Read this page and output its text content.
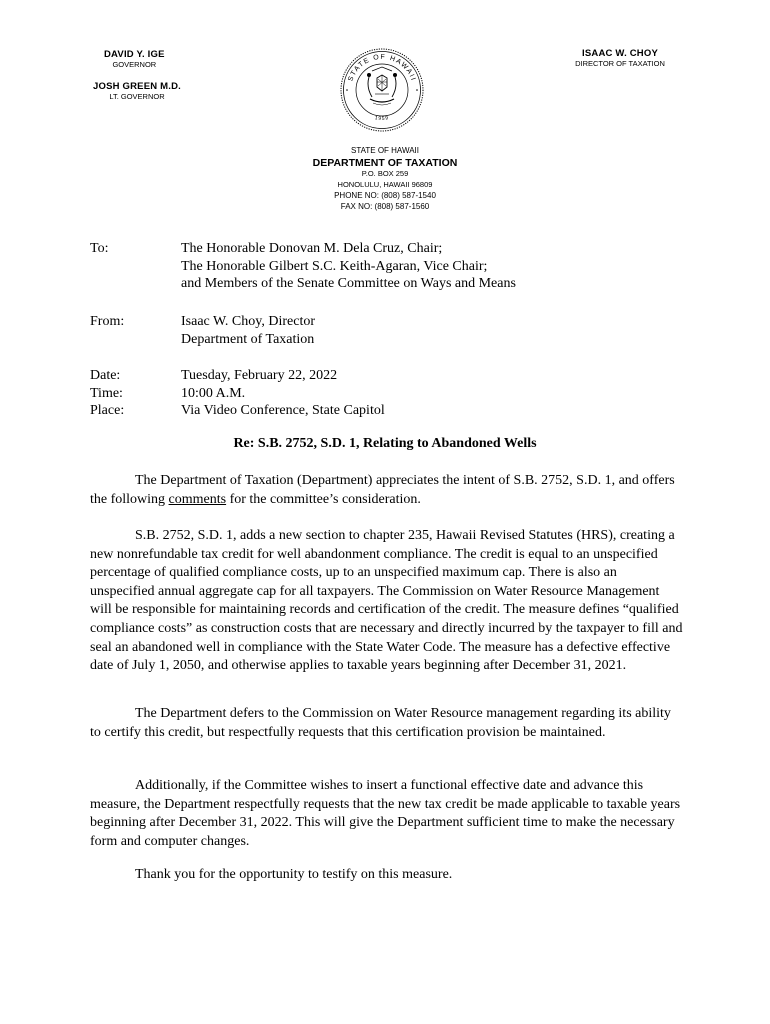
DAVID Y. IGE
GOVERNOR
JOSH GREEN M.D.
LT. GOVERNOR
ISAAC W. CHOY
DIRECTOR OF TAXATION
STATE OF HAWAII
1959
STATE OF HAWAII
DEPARTMENT OF TAXATION
P.O. BOX 259
HONOLULU, HAWAII 96809
PHONE NO: (808) 587-1540
FAX NO: (808) 587-1560
To:	The Honorable Donovan M. Dela Cruz, Chair;
The Honorable Gilbert S.C. Keith-Agaran, Vice Chair;
and Members of the Senate Committee on Ways and Means
From:	Isaac W. Choy, Director
Department of Taxation
Date:	Tuesday, February 22, 2022
Time:	10:00 A.M.
Place:	Via Video Conference, State Capitol
Re: S.B. 2752, S.D. 1, Relating to Abandoned Wells
The Department of Taxation (Department) appreciates the intent of S.B. 2752, S.D. 1, and offers the following comments for the committee’s consideration.
S.B. 2752, S.D. 1, adds a new section to chapter 235, Hawaii Revised Statutes (HRS), creating a new nonrefundable tax credit for well abandonment compliance. The credit is equal to an unspecified percentage of qualified compliance costs, up to an unspecified maximum cap. There is also an unspecified annual aggregate cap for all taxpayers. The Commission on Water Resource Management will be responsible for maintaining records and certification of the credit. The measure defines “qualified compliance costs” as construction costs that are necessary and directly incurred by the taxpayer to fill and seal an abandoned well in compliance with the State Water Code. The measure has a defective effective date of July 1, 2050, and otherwise applies to taxable years beginning after December 31, 2021.
The Department defers to the Commission on Water Resource management regarding its ability to certify this credit, but respectfully requests that this certification provision be maintained.
Additionally, if the Committee wishes to insert a functional effective date and advance this measure, the Department respectfully requests that the new tax credit be made applicable to taxable years beginning after December 31, 2022. This will give the Department sufficient time to make the necessary form and computer changes.
Thank you for the opportunity to testify on this measure.
